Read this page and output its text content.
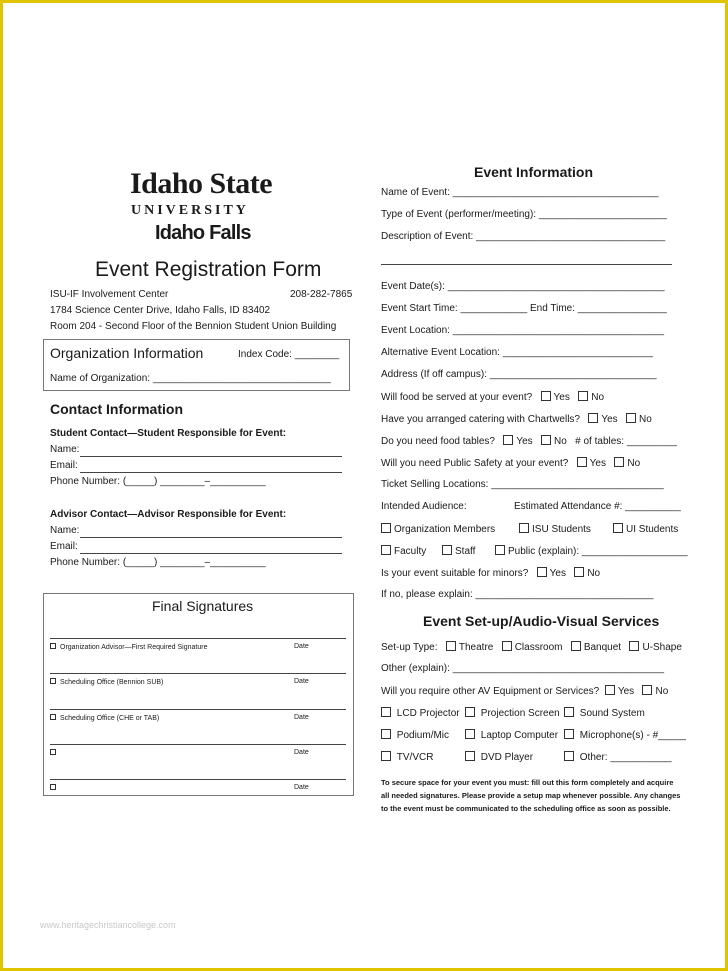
Idaho State
UNIVERSITY
Idaho Falls
Event Registration Form
ISU-IF Involvement Center	208-282-7865
1784 Science Center Drive, Idaho Falls, ID 83402
Room 204 - Second Floor of the Bennion Student Union Building
Organization Information	Index Code: ________
Name of Organization: ________________________________
Contact Information
Student Contact—Student Responsible for Event:
Name:
Email:
Phone Number: (_____) ________–__________
Advisor Contact—Advisor Responsible for Event:
Name:
Email:
Phone Number: (_____) ________–__________
Final Signatures
Organization Advisor—First Required Signature	Date
Scheduling Office (Bennion SUB)	Date
Scheduling Office (CHE or TAB)	Date
Date
Date
Event Information
Name of Event: _____________________________________
Type of Event (performer/meeting): _______________________
Description of Event: __________________________________
Event Date(s): _______________________________________
Event Start Time: ____________ End Time: ________________
Event Location: ______________________________________
Alternative Event Location: ___________________________
Address (If off campus): ______________________________
Will food be served at your event? Yes No
Have you arranged catering with Chartwells? Yes No
Do you need food tables? Yes No # of tables: _________
Will you need Public Safety at your event? Yes No
Ticket Selling Locations: _______________________________
Intended Audience:	Estimated Attendance #: __________
Organization Members	ISU Students	UI Students
Faculty	Staff	Public (explain): ___________________
Is your event suitable for minors? Yes No
If no, please explain: ________________________________
Event Set-up/Audio-Visual Services
Set-up Type: Theatre Classroom Banquet U-Shape
Other (explain): ______________________________________
Will you require other AV Equipment or Services? Yes No
LCD Projector	Projection Screen	Sound System
Podium/Mic	Laptop Computer	Microphone(s) - #_____
TV/VCR	DVD Player	Other: ___________
To secure space for your event you must: fill out this form completely and acquire all needed signatures. Please provide a setup map whenever possible. Any changes to the event must be communicated to the scheduling office as soon as possible.
www.heritagechristiancollege.com
